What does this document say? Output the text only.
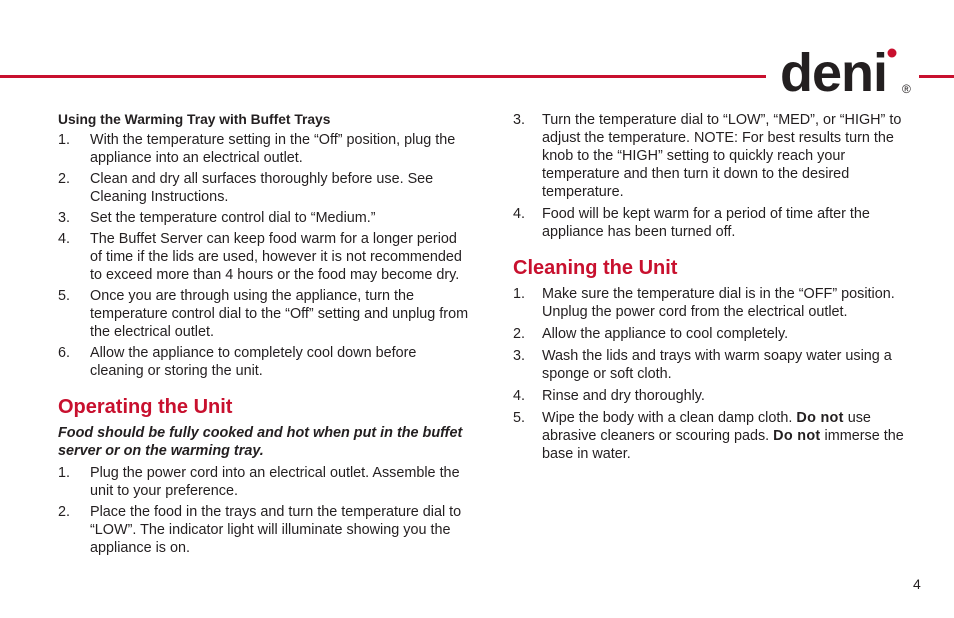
deni ®
Using the Warming Tray with Buffet Trays
1. With the temperature setting in the “Off” position, plug the appliance into an electrical outlet.
2. Clean and dry all surfaces thoroughly before use. See Cleaning Instructions.
3. Set the temperature control dial to “Medium.”
4. The Buffet Server can keep food warm for a longer period of time if the lids are used, however it is not recommended to exceed more than 4 hours or the food may become dry.
5. Once you are through using the appliance, turn the temperature control dial to the “Off” setting and unplug from the electrical outlet.
6. Allow the appliance to completely cool down before cleaning or storing the unit.
Operating the Unit
Food should be fully cooked and hot when put in the buffet server or on the warming tray.
1. Plug the power cord into an electrical outlet. Assemble the unit to your preference.
2. Place the food in the trays and turn the temperature dial to “LOW”. The indicator light will illuminate showing you the appliance is on.
3. Turn the temperature dial to “LOW”, “MED”, or “HIGH” to adjust the temperature. NOTE: For best results turn the knob to the “HIGH” setting to quickly reach your temperature and then turn it down to the desired temperature.
4. Food will be kept warm for a period of time after the appliance has been turned off.
Cleaning the Unit
1. Make sure the temperature dial is in the “OFF” position. Unplug the power cord from the electrical outlet.
2. Allow the appliance to cool completely.
3. Wash the lids and trays with warm soapy water using a sponge or soft cloth.
4. Rinse and dry thoroughly.
5. Wipe the body with a clean damp cloth. Do not use abrasive cleaners or scouring pads. Do not immerse the base in water.
4
